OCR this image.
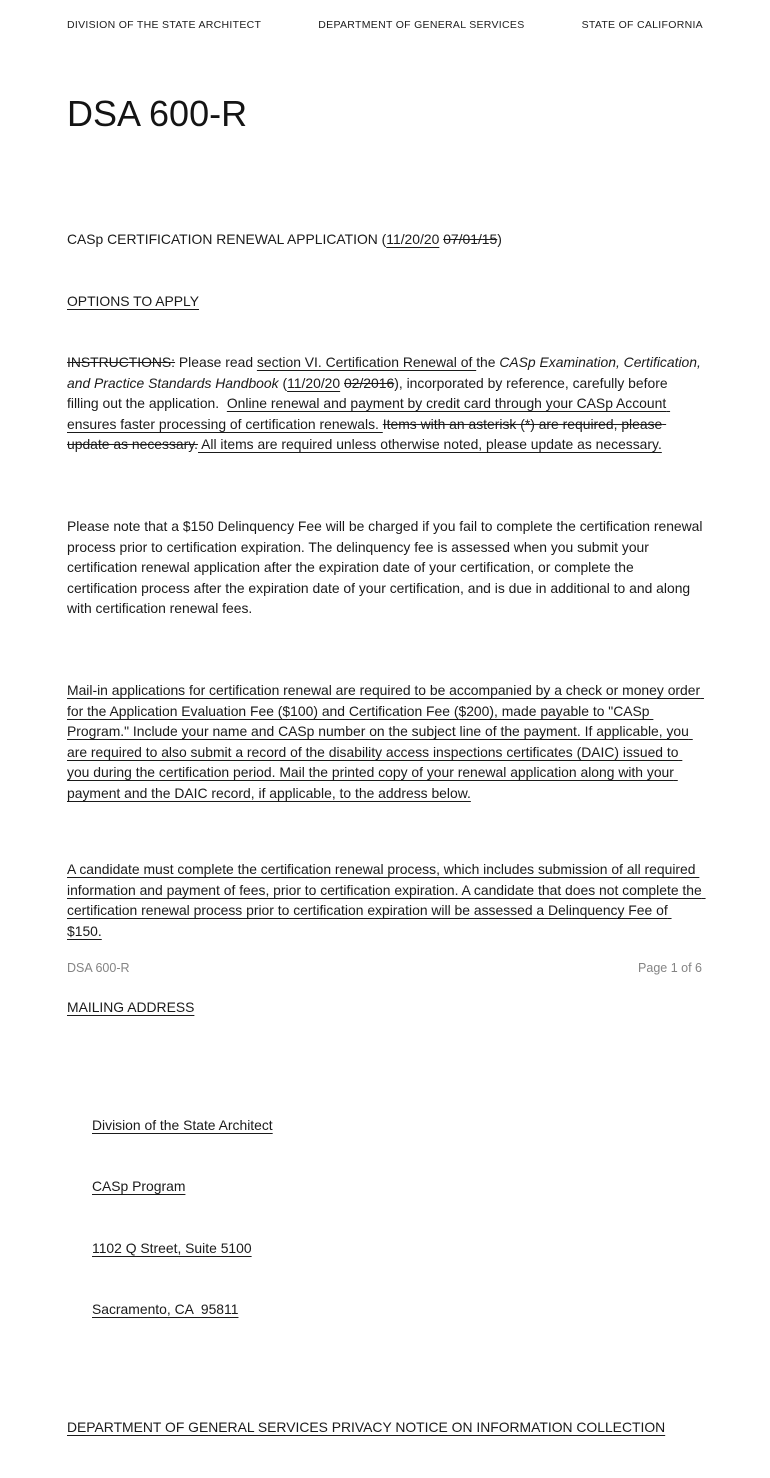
DIVISION OF THE STATE ARCHITECT	DEPARTMENT OF GENERAL SERVICES	STATE OF CALIFORNIA
DSA 600-R

CASp CERTIFICATION RENEWAL APPLICATION (11/20/20 07/01/15)

OPTIONS TO APPLY

INSTRUCTIONS: Please read section VI. Certification Renewal of the CASp Examination, Certification, and Practice Standards Handbook (11/20/20 02/2016), incorporated by reference, carefully before filling out the application.  Online renewal and payment by credit card through your CASp Account ensures faster processing of certification renewals. Items with an asterisk (*) are required, please update as necessary. All items are required unless otherwise noted, please update as necessary.

Please note that a $150 Delinquency Fee will be charged if you fail to complete the certification renewal process prior to certification expiration. The delinquency fee is assessed when you submit your certification renewal application after the expiration date of your certification, or complete the certification process after the expiration date of your certification, and is due in additional to and along with certification renewal fees.

Mail-in applications for certification renewal are required to be accompanied by a check or money order for the Application Evaluation Fee ($100) and Certification Fee ($200), made payable to "CASp Program." Include your name and CASp number on the subject line of the payment. If applicable, you are required to also submit a record of the disability access inspections certificates (DAIC) issued to you during the certification period. Mail the printed copy of your renewal application along with your payment and the DAIC record, if applicable, to the address below.

A candidate must complete the certification renewal process, which includes submission of all required information and payment of fees, prior to certification expiration. A candidate that does not complete the certification renewal process prior to certification expiration will be assessed a Delinquency Fee of $150.

MAILING ADDRESS

Division of the State Architect

CASp Program

1102 Q Street, Suite 5100

Sacramento, CA  95811

DEPARTMENT OF GENERAL SERVICES PRIVACY NOTICE ON INFORMATION COLLECTION

DSA 600-R	Page 1 of 6
